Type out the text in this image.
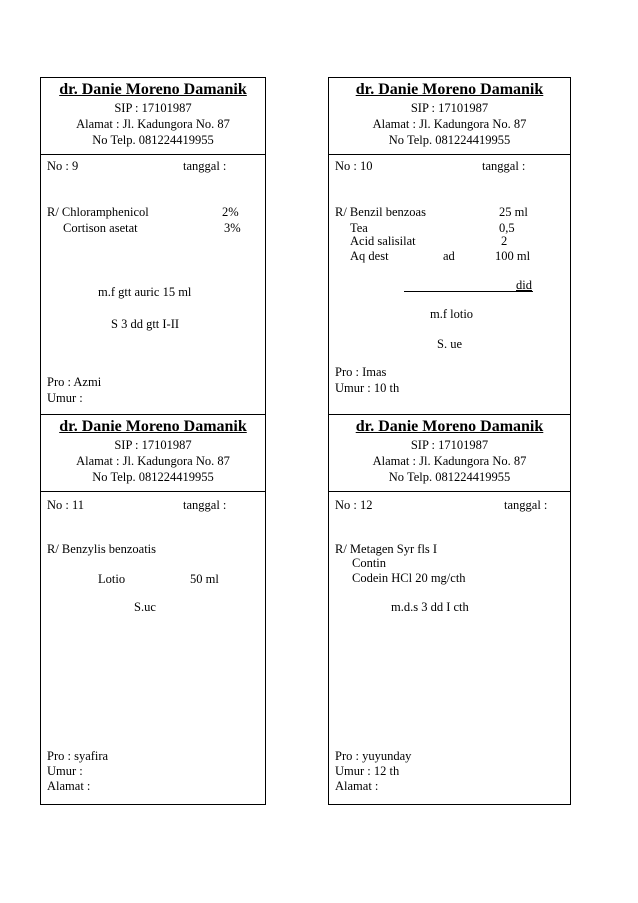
dr. Danie Moreno Damanik
SIP : 17101987
Alamat : Jl. Kadungora No. 87
No Telp. 081224419955
No : 9	tanggal :
R/ Chloramphenicol	2%
Cortison asetat	3%
m.f gtt auric 15 ml
S 3 dd gtt I-II
Pro : Azmi
Umur :
dr. Danie Moreno Damanik
SIP : 17101987
Alamat : Jl. Kadungora No. 87
No Telp. 081224419955
No : 10	tanggal :
R/ Benzil benzoas	25 ml
Tea	0,5
Acid salisilat	2
Aq dest	ad	100 ml
did
m.f lotio
S. ue
Pro : Imas
Umur : 10 th
dr. Danie Moreno Damanik
SIP : 17101987
Alamat : Jl. Kadungora No. 87
No Telp. 081224419955
No : 11	tanggal :
R/ Benzylis benzoatis
Lotio	50 ml
S.uc
Pro : syafira
Umur :
Alamat :
dr. Danie Moreno Damanik
SIP : 17101987
Alamat : Jl. Kadungora No. 87
No Telp. 081224419955
No : 12	tanggal :
R/ Metagen Syr fls I
Contin
Codein HCl 20 mg/cth
m.d.s 3 dd I cth
Pro : yuyunday
Umur : 12 th
Alamat :
